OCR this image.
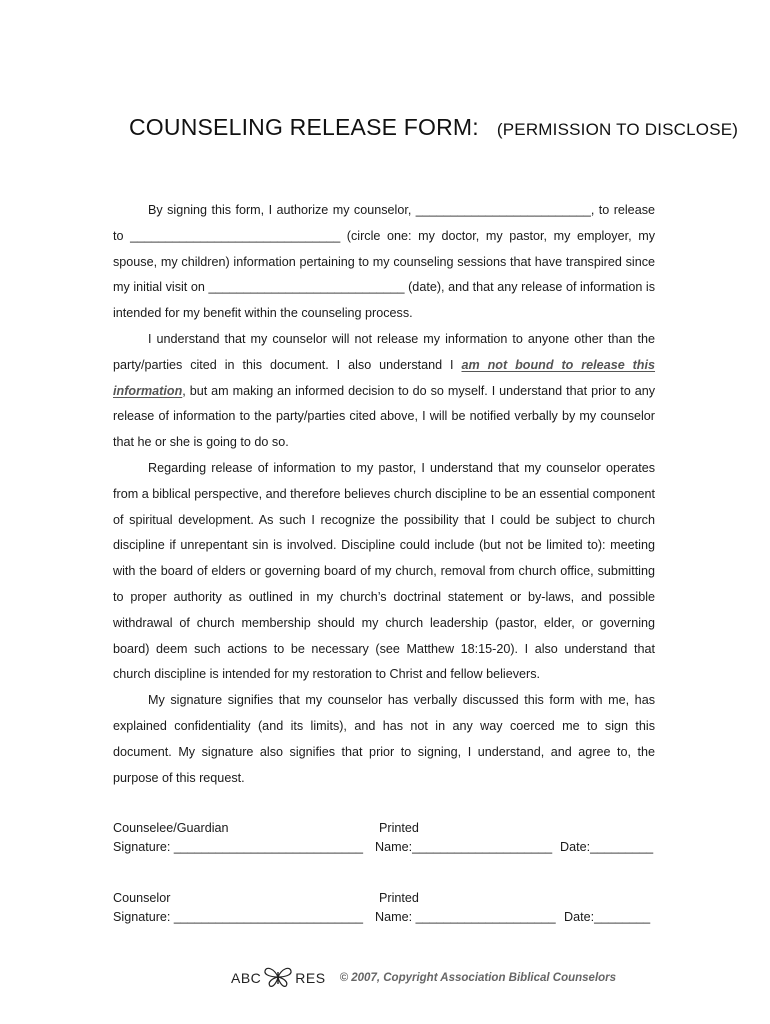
COUNSELING RELEASE FORM: (PERMISSION TO DISCLOSE)

By signing this form, I authorize my counselor, _________________________, to release to ______________________________ (circle one: my doctor, my pastor, my employer, my spouse, my children) information pertaining to my counseling sessions that have transpired since my initial visit on ____________________________ (date), and that any release of information is intended for my benefit within the counseling process.

I understand that my counselor will not release my information to anyone other than the party/parties cited in this document. I also understand I am not bound to release this information, but am making an informed decision to do so myself. I understand that prior to any release of information to the party/parties cited above, I will be notified verbally by my counselor that he or she is going to do so.

Regarding release of information to my pastor, I understand that my counselor operates from a biblical perspective, and therefore believes church discipline to be an essential component of spiritual development. As such I recognize the possibility that I could be subject to church discipline if unrepentant sin is involved. Discipline could include (but not be limited to): meeting with the board of elders or governing board of my church, removal from church office, submitting to proper authority as outlined in my church’s doctrinal statement or by-laws, and possible withdrawal of church membership should my church leadership (pastor, elder, or governing board) deem such actions to be necessary (see Matthew 18:15-20). I also understand that church discipline is intended for my restoration to Christ and fellow believers.

My signature signifies that my counselor has verbally discussed this form with me, has explained confidentiality (and its limits), and has not in any way coerced me to sign this document. My signature also signifies that prior to signing, I understand, and agree to, the purpose of this request.

Counselee/Guardian
Signature: ___________________________
Printed
Name:____________________ Date:_________
Counselor
Signature: ___________________________
Printed
Name: ____________________ Date:________
ABC RES © 2007, Copyright Association Biblical Counselors
